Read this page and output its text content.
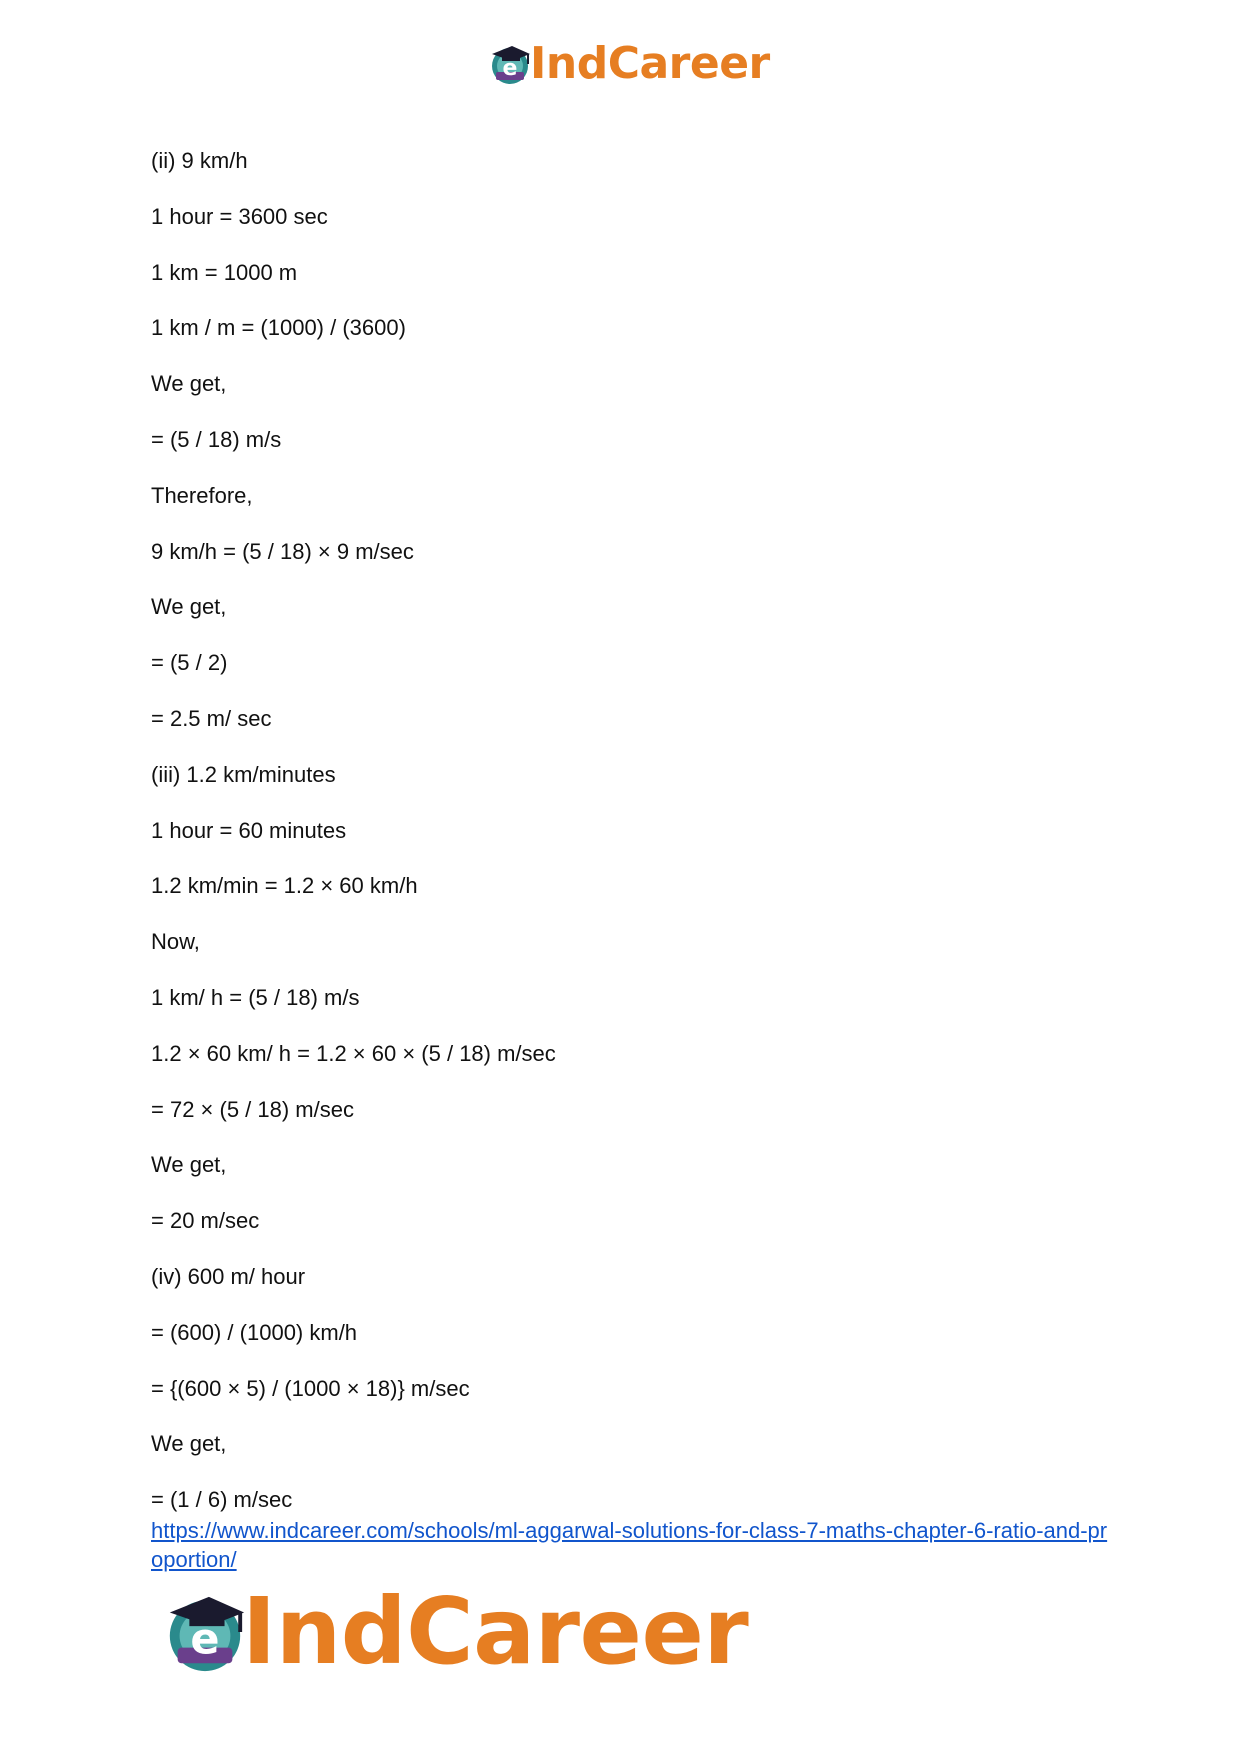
e IndCareer
(ii) 9 km/h
1 hour = 3600 sec
1 km = 1000 m
1 km / m = (1000) / (3600)
We get,
= (5 / 18) m/s
Therefore,
9 km/h = (5 / 18) × 9 m/sec
We get,
= (5 / 2)
= 2.5 m/ sec
(iii) 1.2 km/minutes
1 hour = 60 minutes
1.2 km/min = 1.2 × 60 km/h
Now,
1 km/ h = (5 / 18) m/s
1.2 × 60 km/ h = 1.2 × 60 × (5 / 18) m/sec
= 72 × (5 / 18) m/sec
We get,
= 20 m/sec
(iv) 600 m/ hour
= (600) / (1000) km/h
= {(600 × 5) / (1000 × 18)} m/sec
We get,
= (1 / 6) m/sec
https://www.indcareer.com/schools/ml-aggarwal-solutions-for-class-7-maths-chapter-6-ratio-and-proportion/
e IndCareer
